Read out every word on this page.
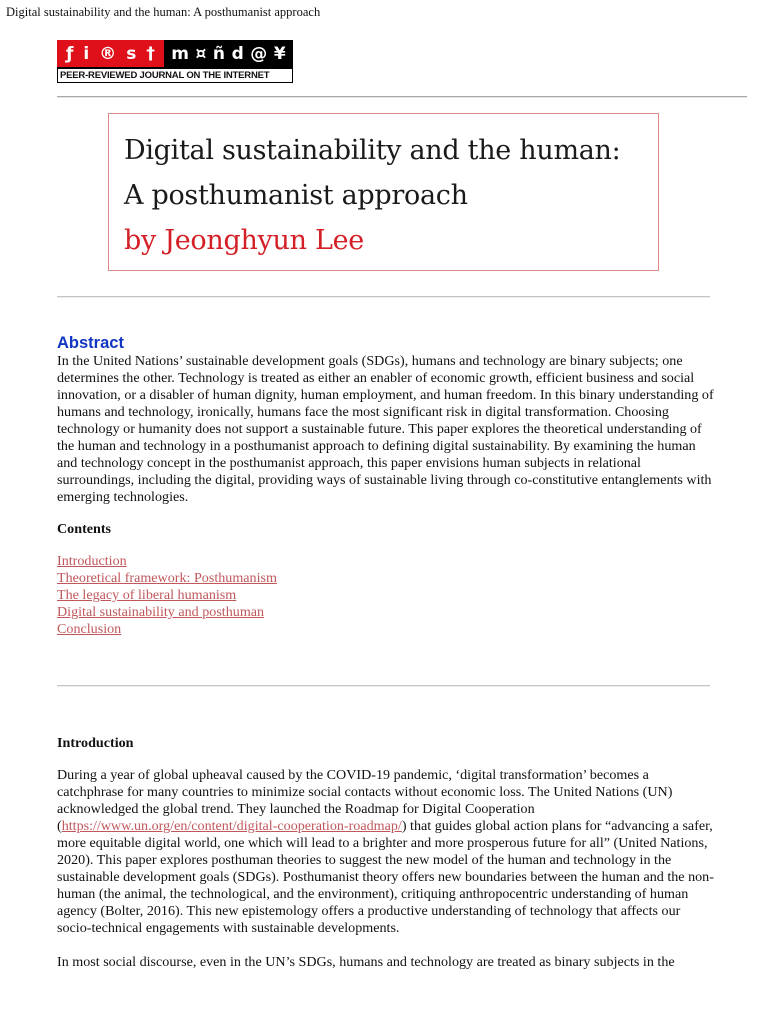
Digital sustainability and the human: A posthumanist approach
ƒ i ® s † m ¤ ñ d @ ¥
PEER-REVIEWED JOURNAL ON THE INTERNET
Digital sustainability and the human:
A posthumanist approach
by Jeonghyun Lee
Abstract
In the United Nations’ sustainable development goals (SDGs), humans and technology are binary subjects; one determines the other. Technology is treated as either an enabler of economic growth, efficient business and social innovation, or a disabler of human dignity, human employment, and human freedom. In this binary understanding of humans and technology, ironically, humans face the most significant risk in digital transformation. Choosing technology or humanity does not support a sustainable future. This paper explores the theoretical understanding of the human and technology in a posthumanist approach to defining digital sustainability. By examining the human and technology concept in the posthumanist approach, this paper envisions human subjects in relational surroundings, including the digital, providing ways of sustainable living through co-constitutive entanglements with emerging technologies.
Contents
Introduction
Theoretical framework: Posthumanism
The legacy of liberal humanism
Digital sustainability and posthuman
Conclusion
Introduction
During a year of global upheaval caused by the COVID-19 pandemic, ‘digital transformation’ becomes a catchphrase for many countries to minimize social contacts without economic loss. The United Nations (UN) acknowledged the global trend. They launched the Roadmap for Digital Cooperation (https://www.un.org/en/content/digital-cooperation-roadmap/) that guides global action plans for “advancing a safer, more equitable digital world, one which will lead to a brighter and more prosperous future for all” (United Nations, 2020). This paper explores posthuman theories to suggest the new model of the human and technology in the sustainable development goals (SDGs). Posthumanist theory offers new boundaries between the human and the non-human (the animal, the technological, and the environment), critiquing anthropocentric understanding of human agency (Bolter, 2016). This new epistemology offers a productive understanding of technology that affects our socio-technical engagements with sustainable developments.
In most social discourse, even in the UN’s SDGs, humans and technology are treated as binary subjects in the
